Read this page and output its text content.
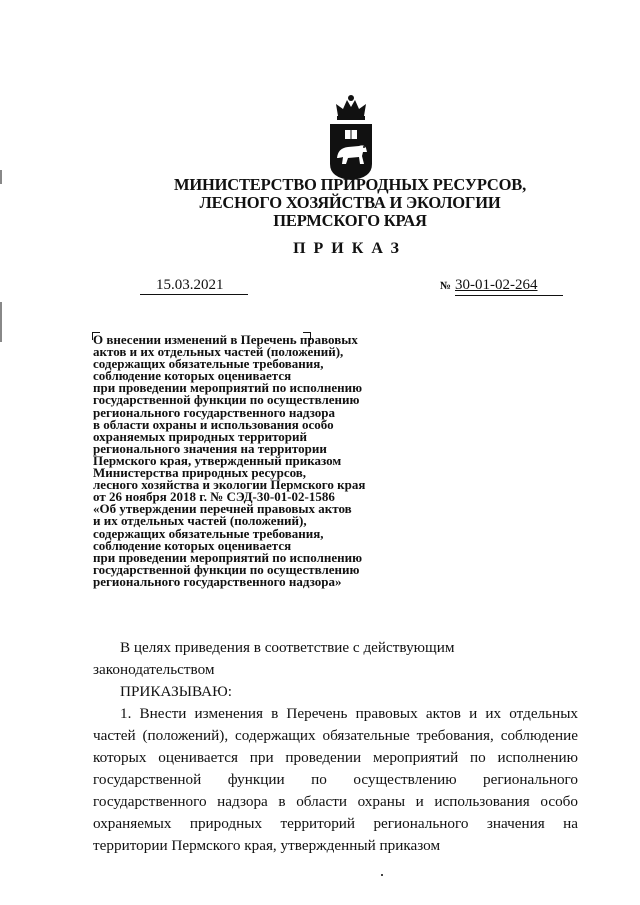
МИНИСТЕРСТВО ПРИРОДНЫХ РЕСУРСОВ,
ЛЕСНОГО ХОЗЯЙСТВА И ЭКОЛОГИИ
ПЕРМСКОГО КРАЯ
ПРИКАЗ
15.03.2021	№ 30-01-02-264
О внесении изменений в Перечень правовых
актов и их отдельных частей (положений),
содержащих обязательные требования,
соблюдение которых оценивается
при проведении мероприятий по исполнению
государственной функции по осуществлению
регионального государственного надзора
в области охраны и использования особо
охраняемых природных территорий
регионального значения на территории
Пермского края, утвержденный приказом
Министерства природных ресурсов,
лесного хозяйства и экологии Пермского края
от 26 ноября 2018 г. № СЭД-30-01-02-1586
«Об утверждении перечней правовых актов
и их отдельных частей (положений),
содержащих обязательные требования,
соблюдение которых оценивается
при проведении мероприятий по исполнению
государственной функции по осуществлению
регионального государственного надзора»

В целях приведения в соответствие с действующим законодательством

ПРИКАЗЫВАЮ:

1. Внести изменения в Перечень правовых актов и их отдельных частей (положений), содержащих обязательные требования, соблюдение которых оценивается при проведении мероприятий по исполнению государственной функции по осуществлению регионального государственного надзора в области охраны и использования особо охраняемых природных территорий регионального значения на территории Пермского края, утвержденный приказом
